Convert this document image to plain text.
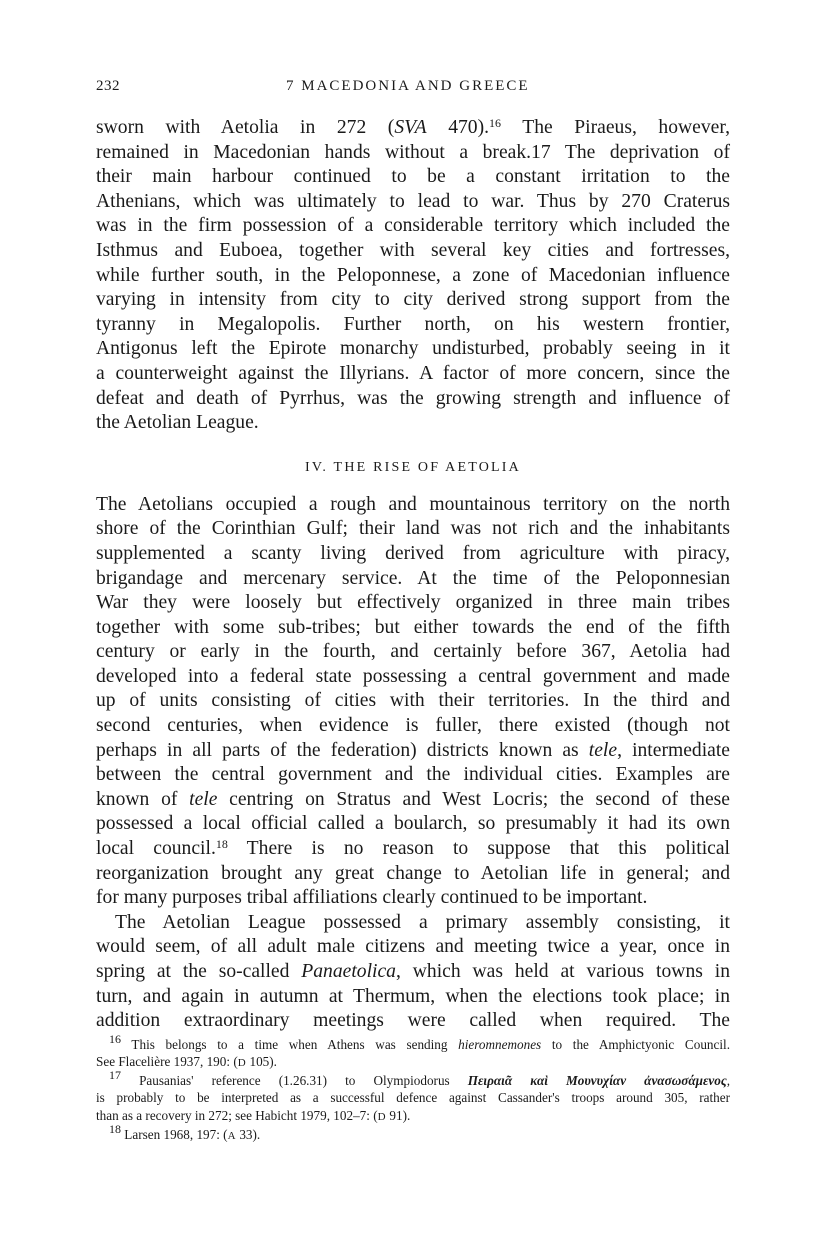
232	7 MACEDONIA AND GREECE

sworn with Aetolia in 272 (SVA 470).$^{16}$ The Piraeus, however,
remained in Macedonian hands without a break.17 The deprivation of
their main harbour continued to be a constant irritation to the
Athenians, which was ultimately to lead to war. Thus by 270 Craterus
was in the firm possession of a considerable territory which included the
Isthmus and Euboea, together with several key cities and fortresses,
while further south, in the Peloponnese, a zone of Macedonian influence
varying in intensity from city to city derived strong support from the
tyranny in Megalopolis. Further north, on his western frontier,
Antigonus left the Epirote monarchy undisturbed, probably seeing in it
a counterweight against the Illyrians. A factor of more concern, since the
defeat and death of Pyrrhus, was the growing strength and influence of
the Aetolian League.

IV. THE RISE OF AETOLIA

The Aetolians occupied a rough and mountainous territory on the north
shore of the Corinthian Gulf; their land was not rich and the inhabitants
supplemented a scanty living derived from agriculture with piracy,
brigandage and mercenary service. At the time of the Peloponnesian
War they were loosely but effectively organized in three main tribes
together with some sub-tribes; but either towards the end of the fifth
century or early in the fourth, and certainly before 367, Aetolia had
developed into a federal state possessing a central government and made
up of units consisting of cities with their territories. In the third and
second centuries, when evidence is fuller, there existed (though not
perhaps in all parts of the federation) districts known as tele, intermediate
between the central government and the individual cities. Examples are
known of tele centring on Stratus and West Locris; the second of these
possessed a local official called a boularch, so presumably it had its own
local council.$^{18}$ There is no reason to suppose that this political
reorganization brought any great change to Aetolian life in general; and
for many purposes tribal affiliations clearly continued to be important.

The Aetolian League possessed a primary assembly consisting, it
would seem, of all adult male citizens and meeting twice a year, once in
spring at the so-called Panaetolica, which was held at various towns in
turn, and again in autumn at Thermum, when the elections took place; in
addition extraordinary meetings were called when required. The

$^{16}$ This belongs to a time when Athens was sending hieromnemones to the Amphictyonic Council.
See Flacelière 1937, 190: (D 105).
$^{17}$ Pausanias' reference (1.26.31) to Olympiodorus Πειραιᾶ καὶ Μουνυχίαν ἀνασωσάμενος,
is probably to be interpreted as a successful defence against Cassander's troops around 305, rather
than as a recovery in 272; see Habicht 1979, 102–7: (D 91).
$^{18}$ Larsen 1968, 197: (A 33).
